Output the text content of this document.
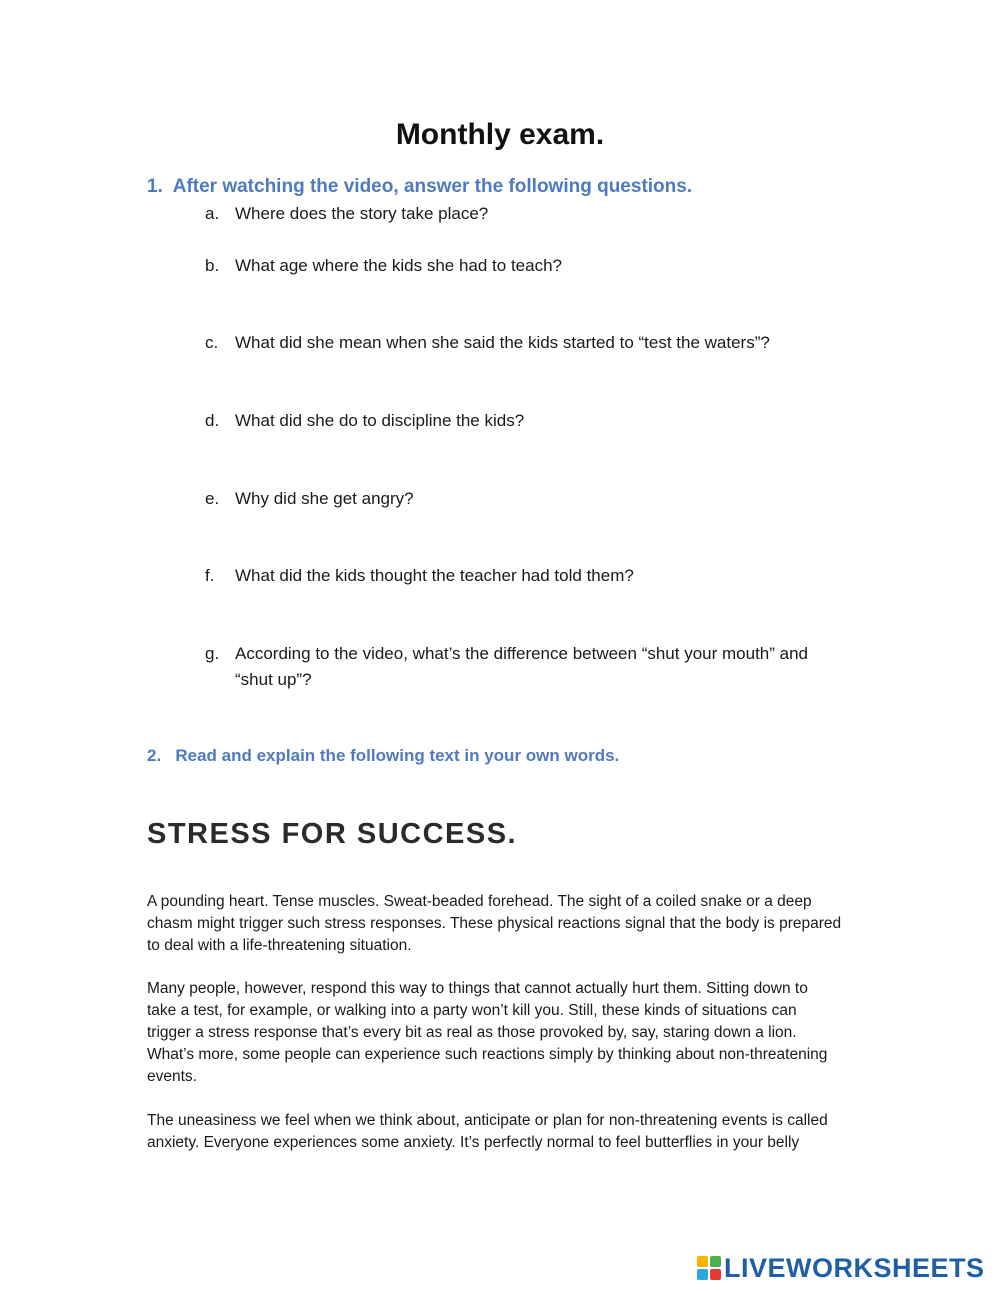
Monthly exam.
1. After watching the video, answer the following questions.
a. Where does the story take place?
b. What age where the kids she had to teach?
c. What did she mean when she said the kids started to “test the waters”?
d. What did she do to discipline the kids?
e. Why did she get angry?
f. What did the kids thought the teacher had told them?
g. According to the video, what’s the difference between “shut your mouth” and
“shut up”?
2. Read and explain the following text in your own words.
STRESS FOR SUCCESS.
A pounding heart. Tense muscles. Sweat-beaded forehead. The sight of a coiled snake or a deep
chasm might trigger such stress responses. These physical reactions signal that the body is prepared
to deal with a life-threatening situation.
Many people, however, respond this way to things that cannot actually hurt them. Sitting down to
take a test, for example, or walking into a party won’t kill you. Still, these kinds of situations can
trigger a stress response that’s every bit as real as those provoked by, say, staring down a lion.
What’s more, some people can experience such reactions simply by thinking about non-threatening
events.
The uneasiness we feel when we think about, anticipate or plan for non-threatening events is called
anxiety. Everyone experiences some anxiety. It’s perfectly normal to feel butterflies in your belly
LIVEWORKSHEETS
